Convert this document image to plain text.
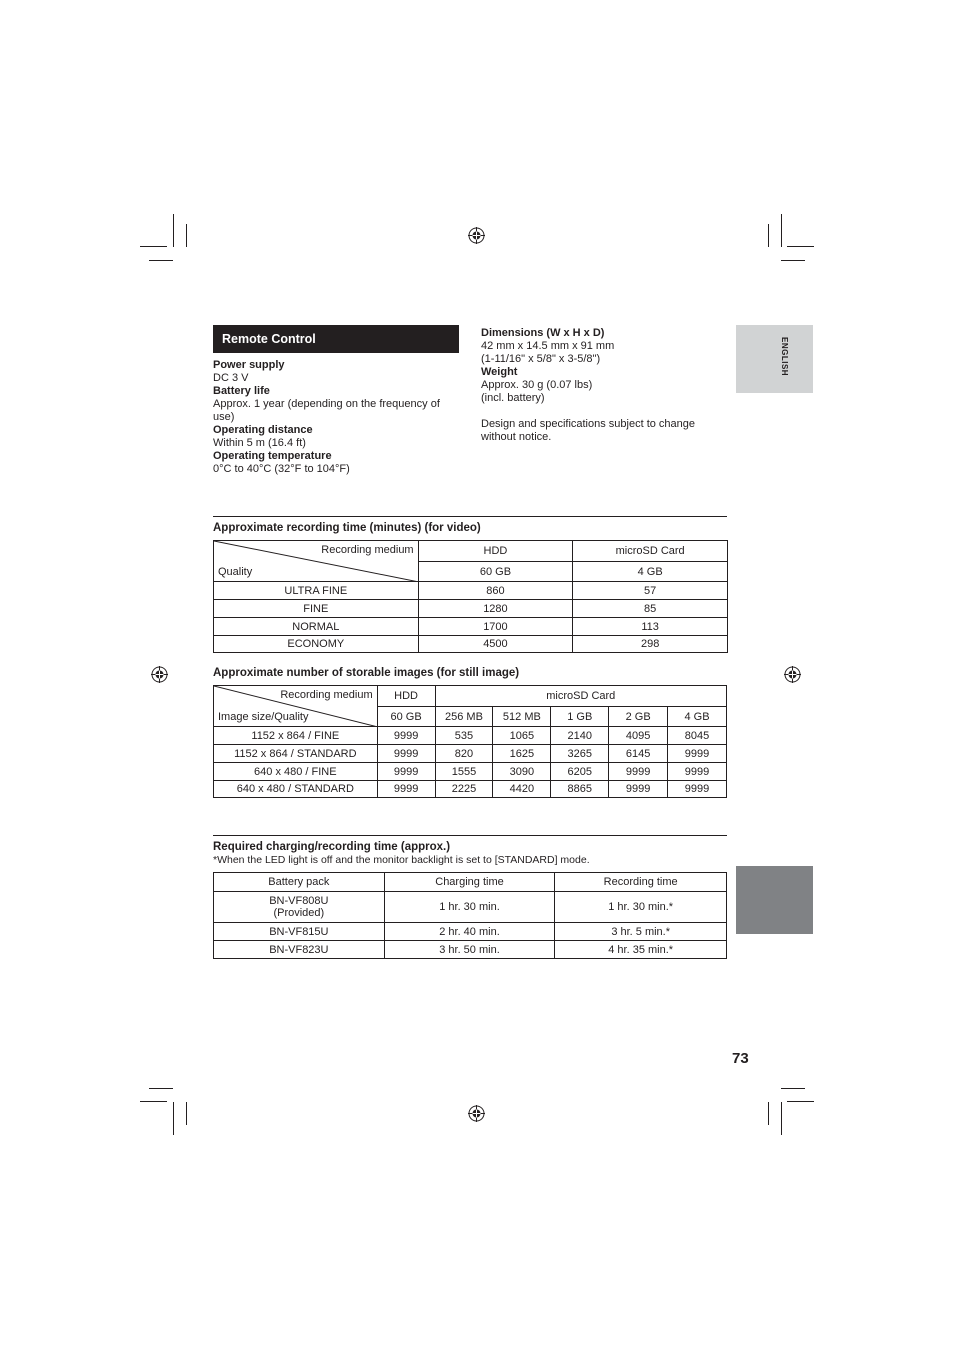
Remote Control
Power supply
DC 3 V
Battery life
Approx. 1 year (depending on the frequency of use)
Operating distance
Within 5 m (16.4 ft)
Operating temperature
0°C to 40°C (32°F to 104°F)
Dimensions (W x H x D)
42 mm x 14.5 mm x 91 mm
(1-11/16" x 5/8" x 3-5/8")
Weight
Approx. 30 g (0.07 lbs)
(incl. battery)
Design and specifications subject to change without notice.
ENGLISH
Approximate recording time (minutes) (for video)
Recording medium
Quality	HDD	microSD Card
	60 GB	4 GB
ULTRA FINE	860	57
FINE	1280	85
NORMAL	1700	113
ECONOMY	4500	298
Approximate number of storable images (for still image)
Recording medium
Image size/Quality	HDD	microSD Card				
	60 GB	256 MB	512 MB	1 GB	2 GB	4 GB
1152 x 864 / FINE	9999	535	1065	2140	4095	8045
1152 x 864 / STANDARD	9999	820	1625	3265	6145	9999
640 x 480 / FINE	9999	1555	3090	6205	9999	9999
640 x 480 / STANDARD	9999	2225	4420	8865	9999	9999
Required charging/recording time (approx.)
*When the LED light is off and the monitor backlight is set to [STANDARD] mode.
Battery pack	Charging time	Recording time

BN-VF808U
(Provided)	1 hr. 30 min.	1 hr. 30 min.*
BN-VF815U	2 hr. 40 min.	3 hr. 5 min.*
BN-VF823U	3 hr. 50 min.	4 hr. 35 min.*
73
